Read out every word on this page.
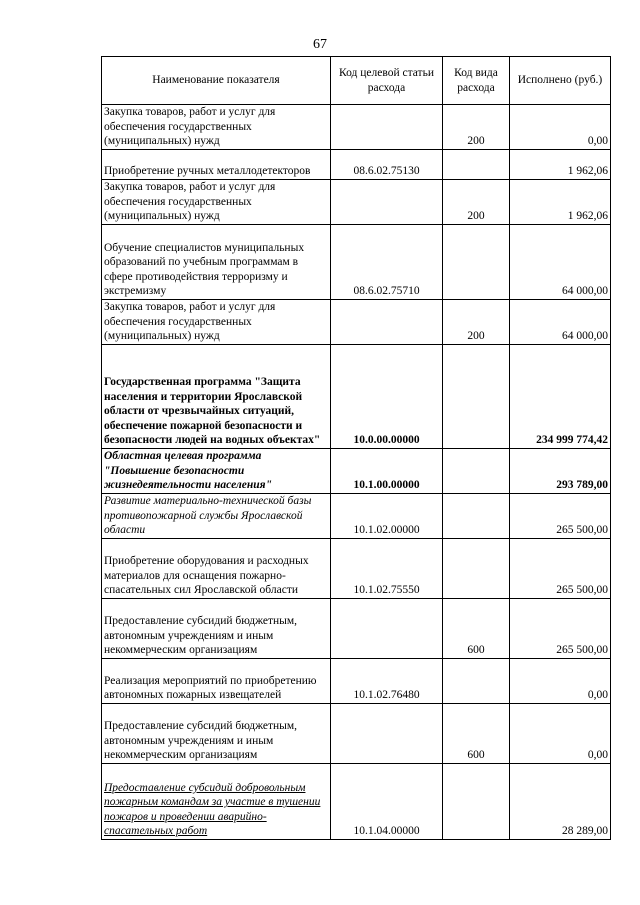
67
Наименование показателя	Код целевой статьи расхода	Код вида расхода	Исполнено (руб.)
Закупка товаров, работ и услуг для обеспечения государственных (муниципальных) нужд		200	0,00
Приобретение ручных металлодетекторов	08.6.02.75130		1 962,06
Закупка товаров, работ и услуг для обеспечения государственных (муниципальных) нужд		200	1 962,06
Обучение специалистов муниципальных образований по учебным программам в сфере противодействия терроризму и экстремизму	08.6.02.75710		64 000,00
Закупка товаров, работ и услуг для обеспечения государственных (муниципальных) нужд		200	64 000,00
Государственная программа "Защита населения и территории Ярославской области от чрезвычайных ситуаций, обеспечение пожарной безопасности и безопасности людей на водных объектах"	10.0.00.00000		234 999 774,42
Областная целевая программа "Повышение безопасности жизнедеятельности населения"	10.1.00.00000		293 789,00
Развитие материально-технической базы противопожарной службы Ярославской области	10.1.02.00000		265 500,00
Приобретение оборудования и расходных материалов для оснащения пожарно-спасательных сил Ярославской области	10.1.02.75550		265 500,00
Предоставление субсидий бюджетным, автономным учреждениям и иным некоммерческим организациям		600	265 500,00
Реализация мероприятий по приобретению автономных пожарных извещателей	10.1.02.76480		0,00
Предоставление субсидий бюджетным, автономным учреждениям и иным некоммерческим организациям		600	0,00
Предоставление субсидий добровольным пожарным командам за участие в тушении пожаров и проведении аварийно-спасательных работ	10.1.04.00000		28 289,00
